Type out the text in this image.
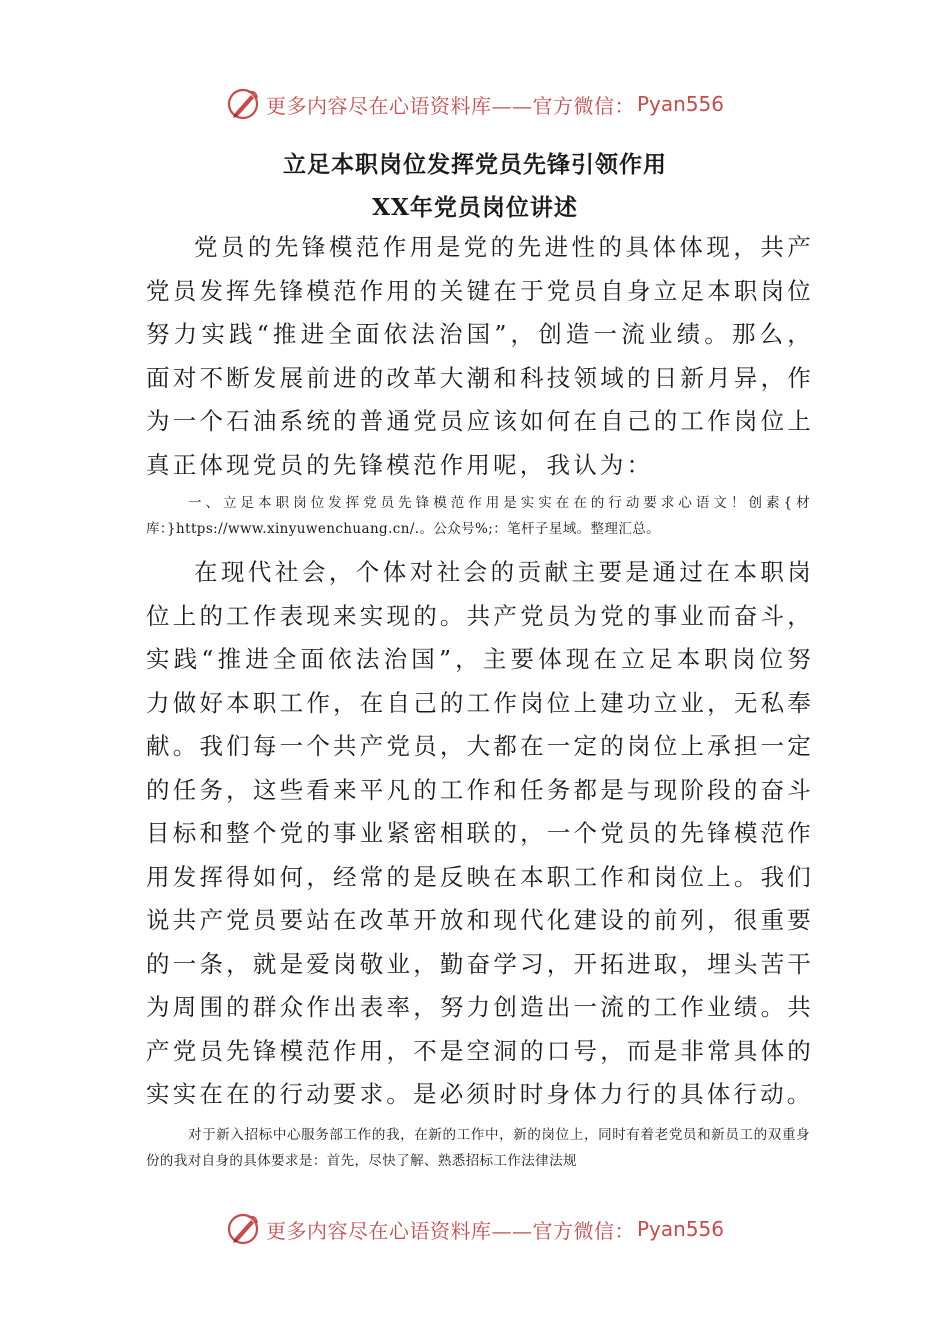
更多内容尽在心语资料库——官方微信： Pyan556
立足本职岗位发挥党员先锋引领作用
XX年党员岗位讲述

党员的先锋模范作用是党的先进性的具体体现，共产党员发挥先锋模范作用的关键在于党员自身立足本职岗位努力实践“推进全面依法治国”，创造一流业绩。那么，面对不断发展前进的改革大潮和科技领域的日新月异，作为一个石油系统的普通党员应该如何在自己的工作岗位上真正体现党员的先锋模范作用呢，我认为：

一、立足本职岗位发挥党员先锋模范作用是实实在在的行动要求心语文！创素{材库：}https://www.xinyuwenchuang.cn/.。公众号%;：笔杆子星域。整理汇总。

在现代社会，个体对社会的贡献主要是通过在本职岗位上的工作表现来实现的。共产党员为党的事业而奋斗，实践“推进全面依法治国”，主要体现在立足本职岗位努力做好本职工作，在自己的工作岗位上建功立业，无私奉献。我们每一个共产党员，大都在一定的岗位上承担一定的任务，这些看来平凡的工作和任务都是与现阶段的奋斗目标和整个党的事业紧密相联的，一个党员的先锋模范作用发挥得如何，经常的是反映在本职工作和岗位上。我们说共产党员要站在改革开放和现代化建设的前列，很重要的一条，就是爱岗敬业，勤奋学习，开拓进取，埋头苦干为周围的群众作出表率，努力创造出一流的工作业绩。共产党员先锋模范作用，不是空洞的口号，而是非常具体的实实在在的行动要求。是必须时时身体力行的具体行动。

对于新入招标中心服务部工作的我，在新的工作中，新的岗位上，同时有着老党员和新员工的双重身份的我对自身的具体要求是：首先，尽快了解、熟悉招标工作法律法规

更多内容尽在心语资料库——官方微信： Pyan556
